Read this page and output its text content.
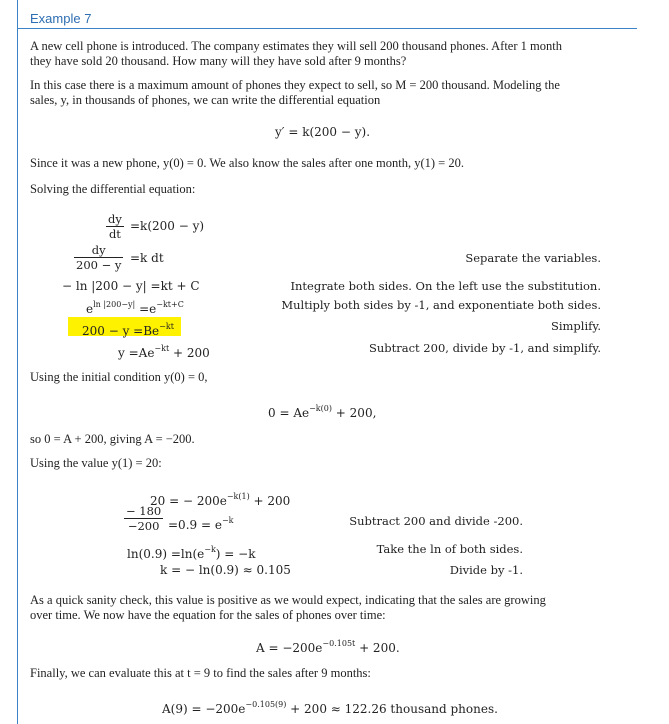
Example 7
A new cell phone is introduced. The company estimates they will sell 200 thousand phones. After 1 month
they have sold 20 thousand. How many will they have sold after 9 months?
In this case there is a maximum amount of phones they expect to sell, so M = 200 thousand. Modeling the
sales, y, in thousands of phones, we can write the differential equation
y′ = k(200 − y).
Since it was a new phone, y(0) = 0. We also know the sales after one month, y(1) = 20.
Solving the differential equation:
$\frac{dy}{dt} =k(200 - y)$
$\frac{dy}{200 - y} =k$ dt	Separate the variables.
− ln |200 − y| =kt + C	Integrate both sides. On the left use the substitution.
$e^{ln |200-y|} =e^{-kt+C}$	Multiply both sides by -1, and exponentiate both sides.
$200 - y =Be^{-kt}$	Simplify.
$y =Ae^{-kt} + 200$	Subtract 200, divide by -1, and simplify.
Using the initial condition y(0) = 0,
$0 = Ae^{-k(0)} + 200$,
so 0 = A + 200, giving A = −200.
Using the value y(1) = 20:
20 = − $200e^{-k(1)} + 200$
$\frac{- 180}{-200} =0.9 = e^{-k}$	Subtract 200 and divide -200.
$\ln(0.9) =\ln(e^{-k}) = -k$	Take the ln of both sides.
k = − ln(0.9) ≈ 0.105	Divide by -1.
As a quick sanity check, this value is positive as we would expect, indicating that the sales are growing
over time. We now have the equation for the sales of phones over time:
$A = -200e^{-0.105t} + 200$.
Finally, we can evaluate this at t = 9 to find the sales after 9 months:
$A(9) = -200e^{-0.105(9)} + 200 \approx 122.26$ thousand phones.
